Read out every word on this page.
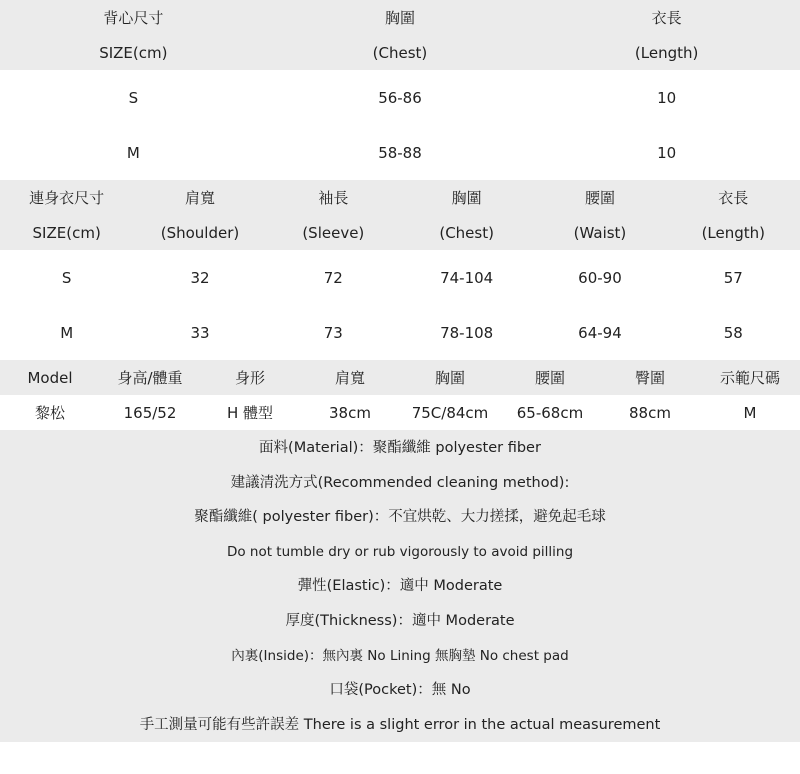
背心尺寸	胸圍	衣長
SIZE(cm)	(Chest)	(Length)
S	56-86	10
M	58-88	10
連身衣尺寸	肩寬	袖長	胸圍	腰圍	衣長
SIZE(cm)	(Shoulder)	(Sleeve)	(Chest)	(Waist)	(Length)
S	32	72	74-104	60-90	57
M	33	73	78-108	64-94	58
Model	身高/體重	身形	肩寬	胸圍	腰圍	臀圍	示範尺碼
黎松	165/52	H 體型	38cm	75C/84cm	65-68cm	88cm	M
面料(Material)：聚酯纖維 polyester fiber
建議清洗方式(Recommended cleaning method):
聚酯纖維( polyester fiber)：不宜烘乾、大力搓揉，避免起毛球
Do not tumble dry or rub vigorously to avoid pilling
彈性(Elastic)：適中 Moderate
厚度(Thickness)：適中 Moderate
內裏(Inside)：無內裏 No Lining 無胸墊 No chest pad
口袋(Pocket)：無 No
手工測量可能有些許誤差 There is a slight error in the actual measurement
